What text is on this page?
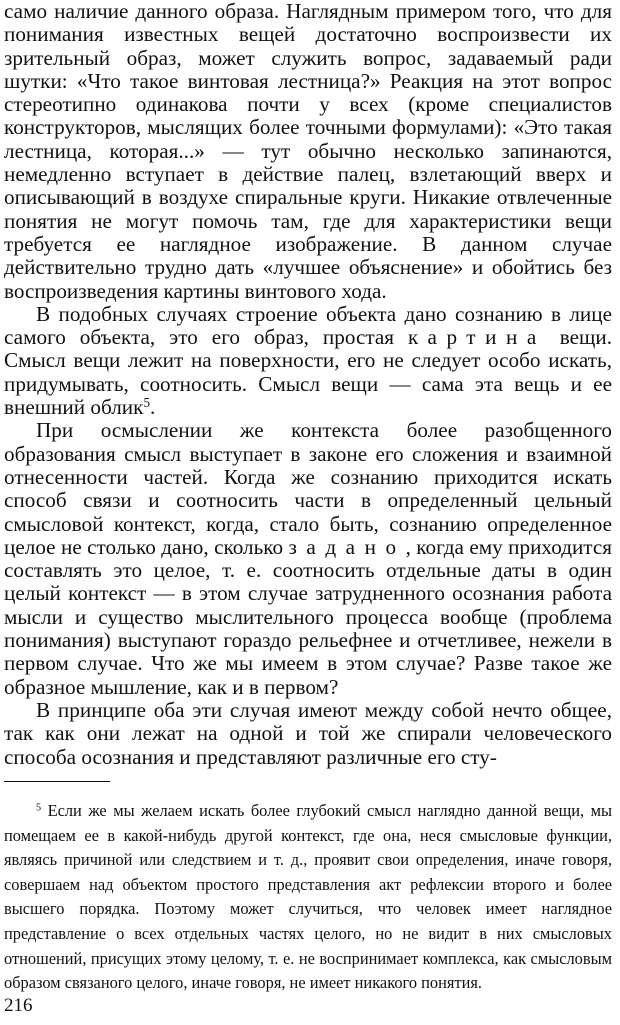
само наличие данного образа. Наглядным примером того, что для понимания известных вещей достаточно воспроизвести их зрительный образ, может служить вопрос, задаваемый ради шутки: «Что такое винтовая лестница?» Реакция на этот вопрос стереотипно одинакова почти у всех (кроме специалистов конструкторов, мыслящих более точными формулами): «Это такая лестница, которая...» — тут обычно несколько запинаются, немедленно вступает в действие палец, взлетающий вверх и описывающий в воздухе спиральные круги. Никакие отвлеченные понятия не могут помочь там, где для характеристики вещи требуется ее наглядное изображение. В данном случае действительно трудно дать «лучшее объяснение» и обойтись без воспроизведения картины винтового хода.

В подобных случаях строение объекта дано сознанию в лице самого объекта, это его образ, простая картина вещи. Смысл вещи лежит на поверхности, его не следует особо искать, придумывать, соотносить. Смысл вещи — сама эта вещь и ее внешний облик$^5$.

При осмыслении же контекста более разобщенного образования смысл выступает в законе его сложения и взаимной отнесенности частей. Когда же сознанию приходится искать способ связи и соотносить части в определенный цельный смысловой контекст, когда, стало быть, сознанию определенное целое не столько дано, сколько задано, когда ему приходится составлять это целое, т. е. соотносить отдельные даты в один целый контекст — в этом случае затрудненного осознания работа мысли и существо мыслительного процесса вообще (проблема понимания) выступают гораздо рельефнее и отчетливее, нежели в первом случае. Что же мы имеем в этом случае? Разве такое же образное мышление, как и в первом?

В принципе оба эти случая имеют между собой нечто общее, так как они лежат на одной и той же спирали человеческого способа осознания и представляют различные его сту-

$^5$ Если же мы желаем искать более глубокий смысл наглядно данной вещи, мы помещаем ее в какой-нибудь другой контекст, где она, неся смысловые функции, являясь причиной или следствием и т. д., проявит свои определения, иначе говоря, совершаем над объектом простого представления акт рефлексии второго и более высшего порядка. Поэтому может случиться, что человек имеет наглядное представление о всех отдельных частях целого, но не видит в них смысловых отношений, присущих этому целому, т. е. не воспринимает комплекса, как смысловым образом связаного целого, иначе говоря, не имеет никакого понятия.

216
